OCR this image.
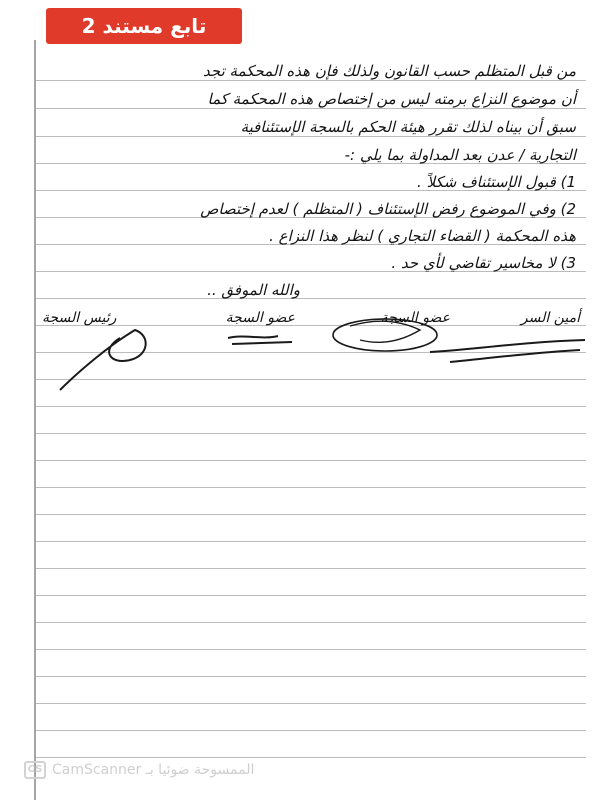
تابع مستند 2
من قبل المتظلم حسب القانون ولذلك فإن هذه المحكمة تجد
أن موضوع النزاع برمته ليس من إختصاص هذه المحكمة كما
سبق أن بيناه لذلك تقرر هيئة الحكم بالسجة الإستئنافية
التجارية / عدن بعد المداولة بما يلي :-
1) قبول الإستئناف شكلاً .
2) وفي الموضوع رفض الإستئناف ( المتظلم ) لعدم إختصاص
هذه المحكمة ( القضاء التجاري ) لنظر هذا النزاع .
3) لا مخاسير تقاضي لأي حد .
والله الموفق ..
أمين السر
عضو السجة
عضو السجة
رئيس السجة
CS الممسوحة ضوئيا بـ CamScanner
